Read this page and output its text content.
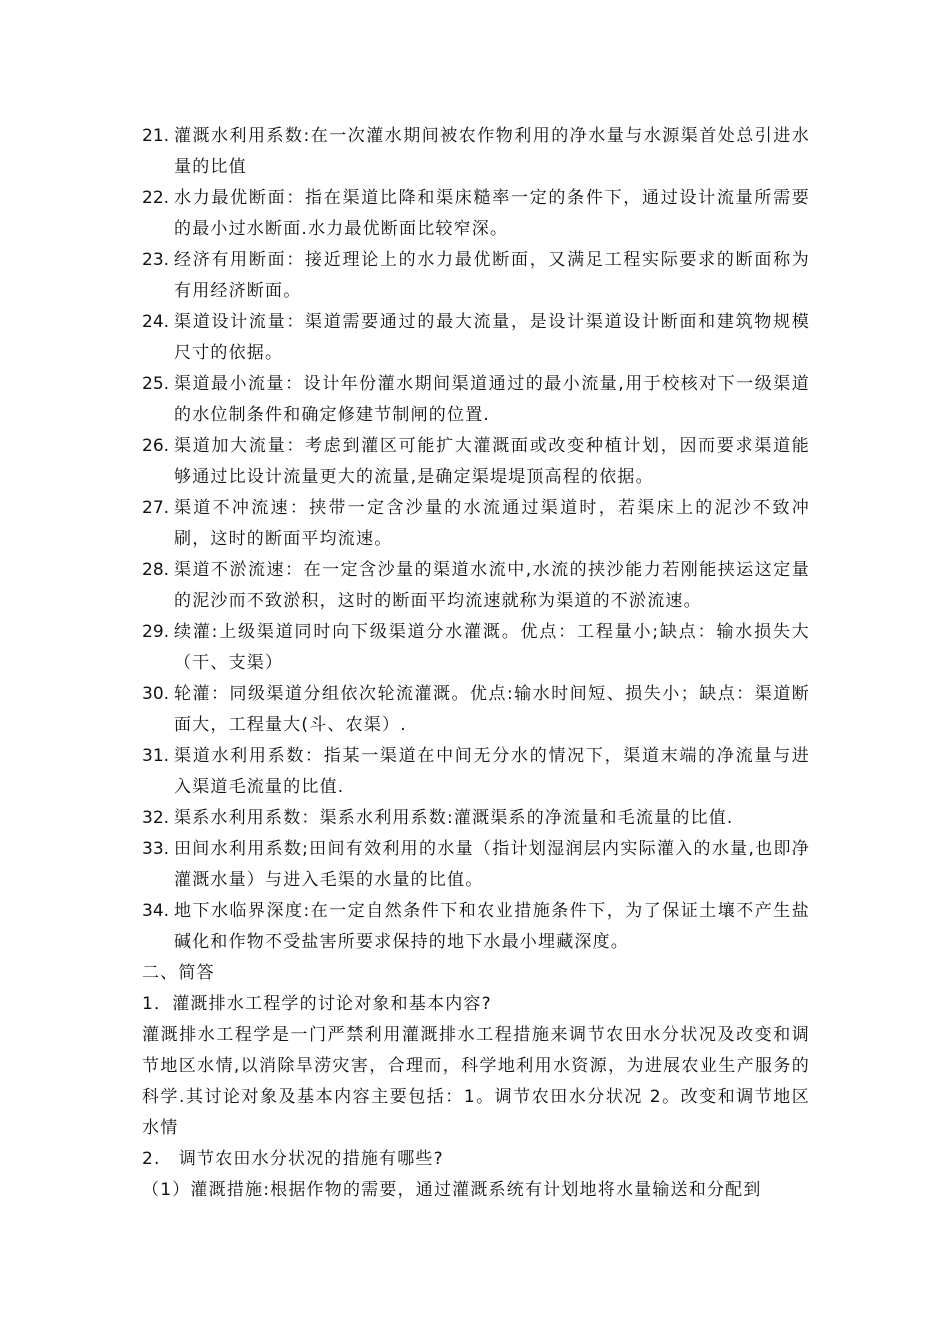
21. 灌溉水利用系数:在一次灌水期间被农作物利用的净水量与水源渠首处总引进水量的比值
22. 水力最优断面：指在渠道比降和渠床糙率一定的条件下，通过设计流量所需要的最小过水断面.水力最优断面比较窄深。
23. 经济有用断面：接近理论上的水力最优断面，又满足工程实际要求的断面称为有用经济断面。
24. 渠道设计流量：渠道需要通过的最大流量，是设计渠道设计断面和建筑物规模尺寸的依据。
25. 渠道最小流量：设计年份灌水期间渠道通过的最小流量,用于校核对下一级渠道的水位制条件和确定修建节制闸的位置.
26. 渠道加大流量：考虑到灌区可能扩大灌溉面或改变种植计划，因而要求渠道能够通过比设计流量更大的流量,是确定渠堤堤顶高程的依据。
27. 渠道不冲流速：挟带一定含沙量的水流通过渠道时，若渠床上的泥沙不致冲刷，这时的断面平均流速。
28. 渠道不淤流速：在一定含沙量的渠道水流中,水流的挟沙能力若刚能挟运这定量的泥沙而不致淤积，这时的断面平均流速就称为渠道的不淤流速。
29. 续灌:上级渠道同时向下级渠道分水灌溉。优点：工程量小;缺点：输水损失大（干、支渠）
30. 轮灌：同级渠道分组依次轮流灌溉。优点:输水时间短、损失小；缺点：渠道断面大，工程量大(斗、农渠）.
31. 渠道水利用系数：指某一渠道在中间无分水的情况下，渠道末端的净流量与进入渠道毛流量的比值.
32. 渠系水利用系数：渠系水利用系数:灌溉渠系的净流量和毛流量的比值.
33. 田间水利用系数;田间有效利用的水量（指计划湿润层内实际灌入的水量,也即净灌溉水量）与进入毛渠的水量的比值。
34. 地下水临界深度:在一定自然条件下和农业措施条件下，为了保证土壤不产生盐碱化和作物不受盐害所要求保持的地下水最小埋藏深度。
二、简答
1．灌溉排水工程学的讨论对象和基本内容?
灌溉排水工程学是一门严禁利用灌溉排水工程措施来调节农田水分状况及改变和调节地区水情,以消除旱涝灾害，合理而，科学地利用水资源，为进展农业生产服务的科学.其讨论对象及基本内容主要包括：1。调节农田水分状况 2。改变和调节地区水情
2.　调节农田水分状况的措施有哪些?
（1）灌溉措施:根据作物的需要，通过灌溉系统有计划地将水量输送和分配到
